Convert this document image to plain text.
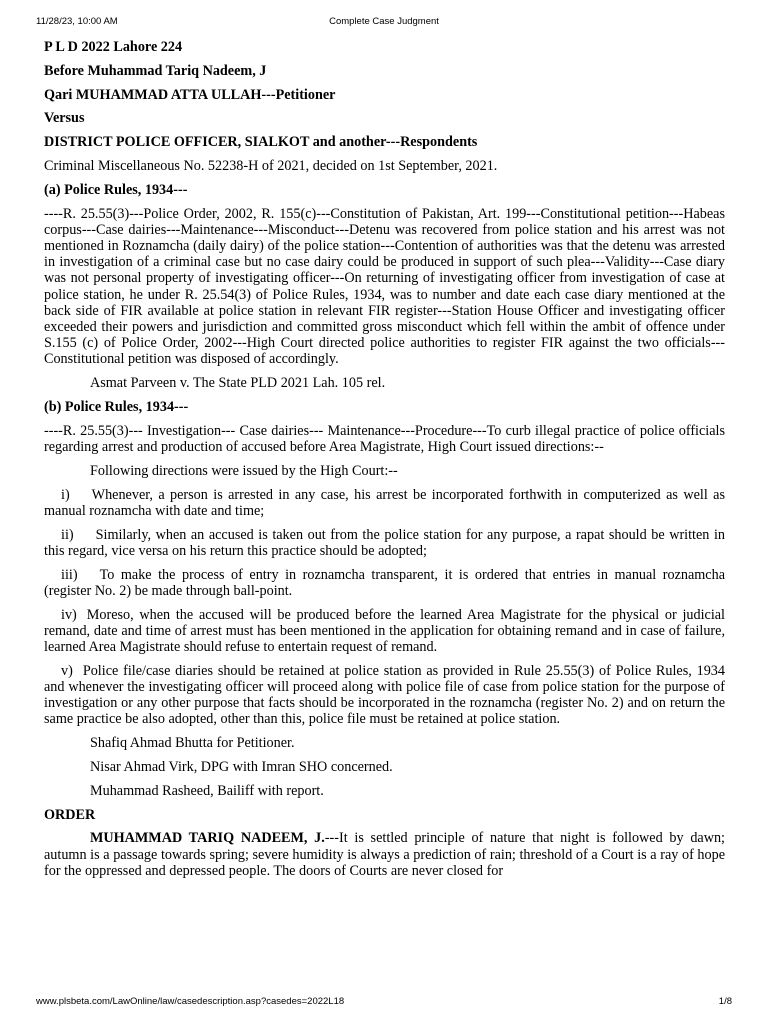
11/28/23, 10:00 AM	Complete Case Judgment

P L D 2022 Lahore 224

Before Muhammad Tariq Nadeem, J

Qari MUHAMMAD ATTA ULLAH---Petitioner

Versus

DISTRICT POLICE OFFICER, SIALKOT and another---Respondents

Criminal Miscellaneous No. 52238-H of 2021, decided on 1st September, 2021.

(a) Police Rules, 1934---

----R. 25.55(3)---Police Order, 2002, R. 155(c)---Constitution of Pakistan, Art. 199---Constitutional petition---Habeas corpus---Case dairies---Maintenance---Misconduct---Detenu was recovered from police station and his arrest was not mentioned in Roznamcha (daily dairy) of the police station---Contention of authorities was that the detenu was arrested in investigation of a criminal case but no case dairy could be produced in support of such plea---Validity---Case diary was not personal property of investigating officer---On returning of investigating officer from investigation of case at police station, he under R. 25.54(3) of Police Rules, 1934, was to number and date each case diary mentioned at the back side of FIR available at police station in relevant FIR register---Station House Officer and investigating officer exceeded their powers and jurisdiction and committed gross misconduct which fell within the ambit of offence under S.155 (c) of Police Order, 2002---High Court directed police authorities to register FIR against the two officials---Constitutional petition was disposed of accordingly.

Asmat Parveen v. The State PLD 2021 Lah. 105 rel.

(b) Police Rules, 1934---

----R. 25.55(3)--- Investigation--- Case dairies--- Maintenance---Procedure---To curb illegal practice of police officials regarding arrest and production of accused before Area Magistrate, High Court issued directions:--

Following directions were issued by the High Court:--

i) Whenever, a person is arrested in any case, his arrest be incorporated forthwith in computerized as well as manual roznamcha with date and time;

ii) Similarly, when an accused is taken out from the police station for any purpose, a rapat should be written in this regard, vice versa on his return this practice should be adopted;

iii) To make the process of entry in roznamcha transparent, it is ordered that entries in manual roznamcha (register No. 2) be made through ball-point.

iv) Moreso, when the accused will be produced before the learned Area Magistrate for the physical or judicial remand, date and time of arrest must has been mentioned in the application for obtaining remand and in case of failure, learned Area Magistrate should refuse to entertain request of remand.

v) Police file/case diaries should be retained at police station as provided in Rule 25.55(3) of Police Rules, 1934 and whenever the investigating officer will proceed along with police file of case from police station for the purpose of investigation or any other purpose that facts should be incorporated in the roznamcha (register No. 2) and on return the same practice be also adopted, other than this, police file must be retained at police station.

Shafiq Ahmad Bhutta for Petitioner.

Nisar Ahmad Virk, DPG with Imran SHO concerned.

Muhammad Rasheed, Bailiff with report.

ORDER

MUHAMMAD TARIQ NADEEM, J.---It is settled principle of nature that night is followed by dawn; autumn is a passage towards spring; severe humidity is always a prediction of rain; threshold of a Court is a ray of hope for the oppressed and depressed people. The doors of Courts are never closed for

www.plsbeta.com/LawOnline/law/casedescription.asp?casedes=2022L18	1/8
